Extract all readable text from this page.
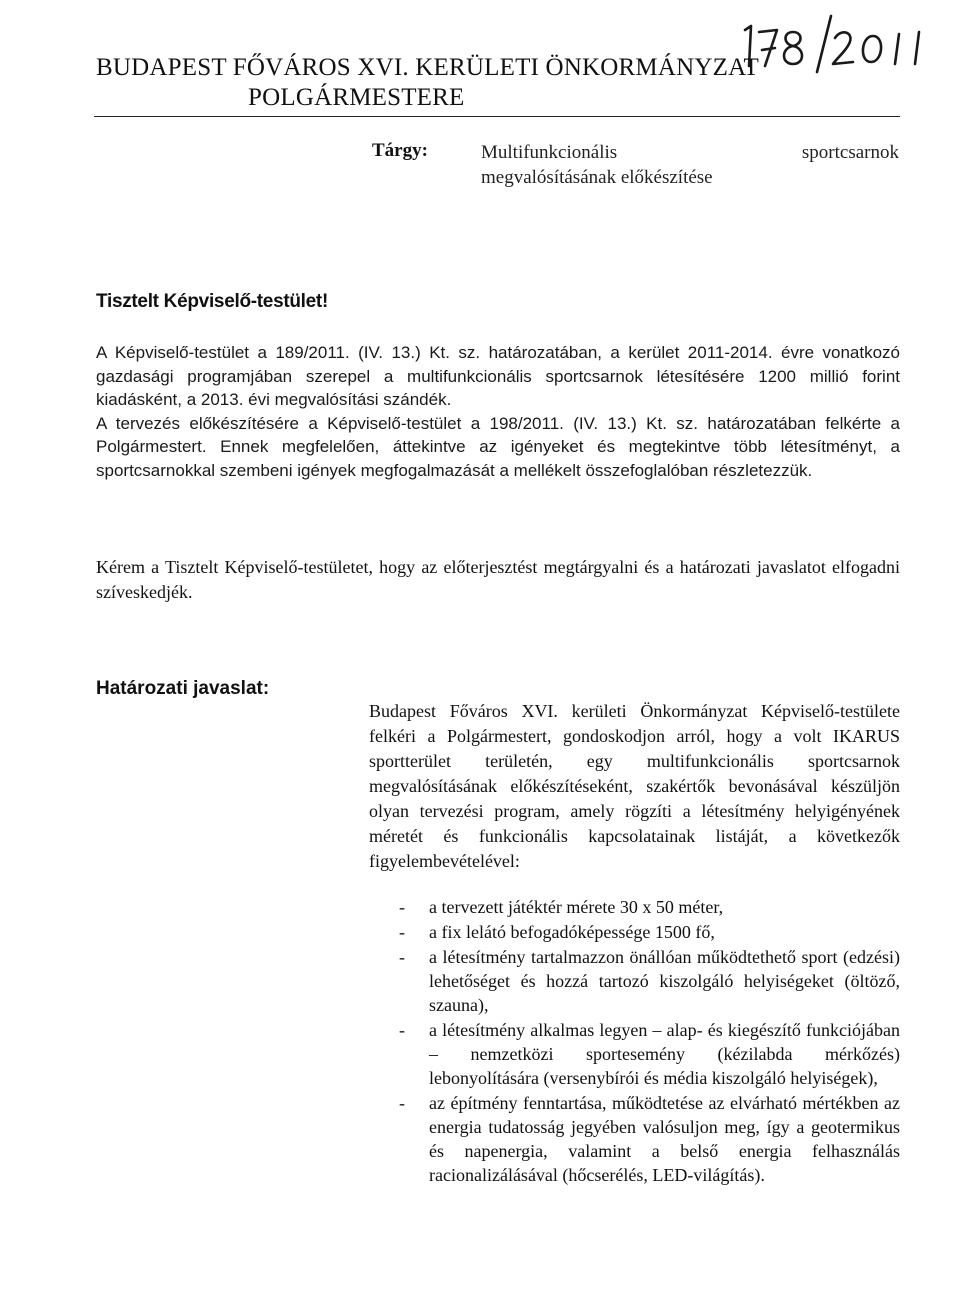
BUDAPEST FŐVÁROS XVI. KERÜLETI ÖNKORMÁNYZAT
POLGÁRMESTERE
Tárgy:	Multifunkcionális	sportcsarnok
megvalósításának előkészítése
Tisztelt Képviselő-testület!

A Képviselő-testület a 189/2011. (IV. 13.) Kt. sz. határozatában, a kerület 2011-2014. évre vonatkozó gazdasági programjában szerepel a multifunkcionális sportcsarnok létesítésére 1200 millió forint kiadásként, a 2013. évi megvalósítási szándék.

A tervezés előkészítésére a Képviselő-testület a 198/2011. (IV. 13.) Kt. sz. határozatában felkérte a Polgármestert. Ennek megfelelően, áttekintve az igényeket és megtekintve több létesítményt, a sportcsarnokkal szembeni igények megfogalmazását a mellékelt összefoglalóban részletezzük.

Kérem a Tisztelt Képviselő-testületet, hogy az előterjesztést megtárgyalni és a határozati javaslatot elfogadni szíveskedjék.
Határozati javaslat:

Budapest Főváros XVI. kerületi Önkormányzat Képviselő-testülete felkéri a Polgármestert, gondoskodjon arról, hogy a volt IKARUS sportterület területén, egy multifunkcionális sportcsarnok megvalósításának előkészítéseként, szakértők bevonásával készüljön olyan tervezési program, amely rögzíti a létesítmény helyigényének méretét és funkcionális kapcsolatainak listáját, a következők figyelembevételével:

- a tervezett játéktér mérete 30 x 50 méter,
- a fix lelátó befogadóképessége 1500 fő,
- a létesítmény tartalmazzon önállóan működtethető sport (edzési) lehetőséget és hozzá tartozó kiszolgáló helyiségeket (öltöző, szauna),
- a létesítmény alkalmas legyen – alap- és kiegészítő funkciójában – nemzetközi sportesemény (kézilabda mérkőzés) lebonyolítására (versenybírói és média kiszolgáló helyiségek),
- az építmény fenntartása, működtetése az elvárható mértékben az energia tudatosság jegyében valósuljon meg, így a geotermikus és napenergia, valamint a belső energia felhasználás racionalizálásával (hőcserélés, LED-világítás).
